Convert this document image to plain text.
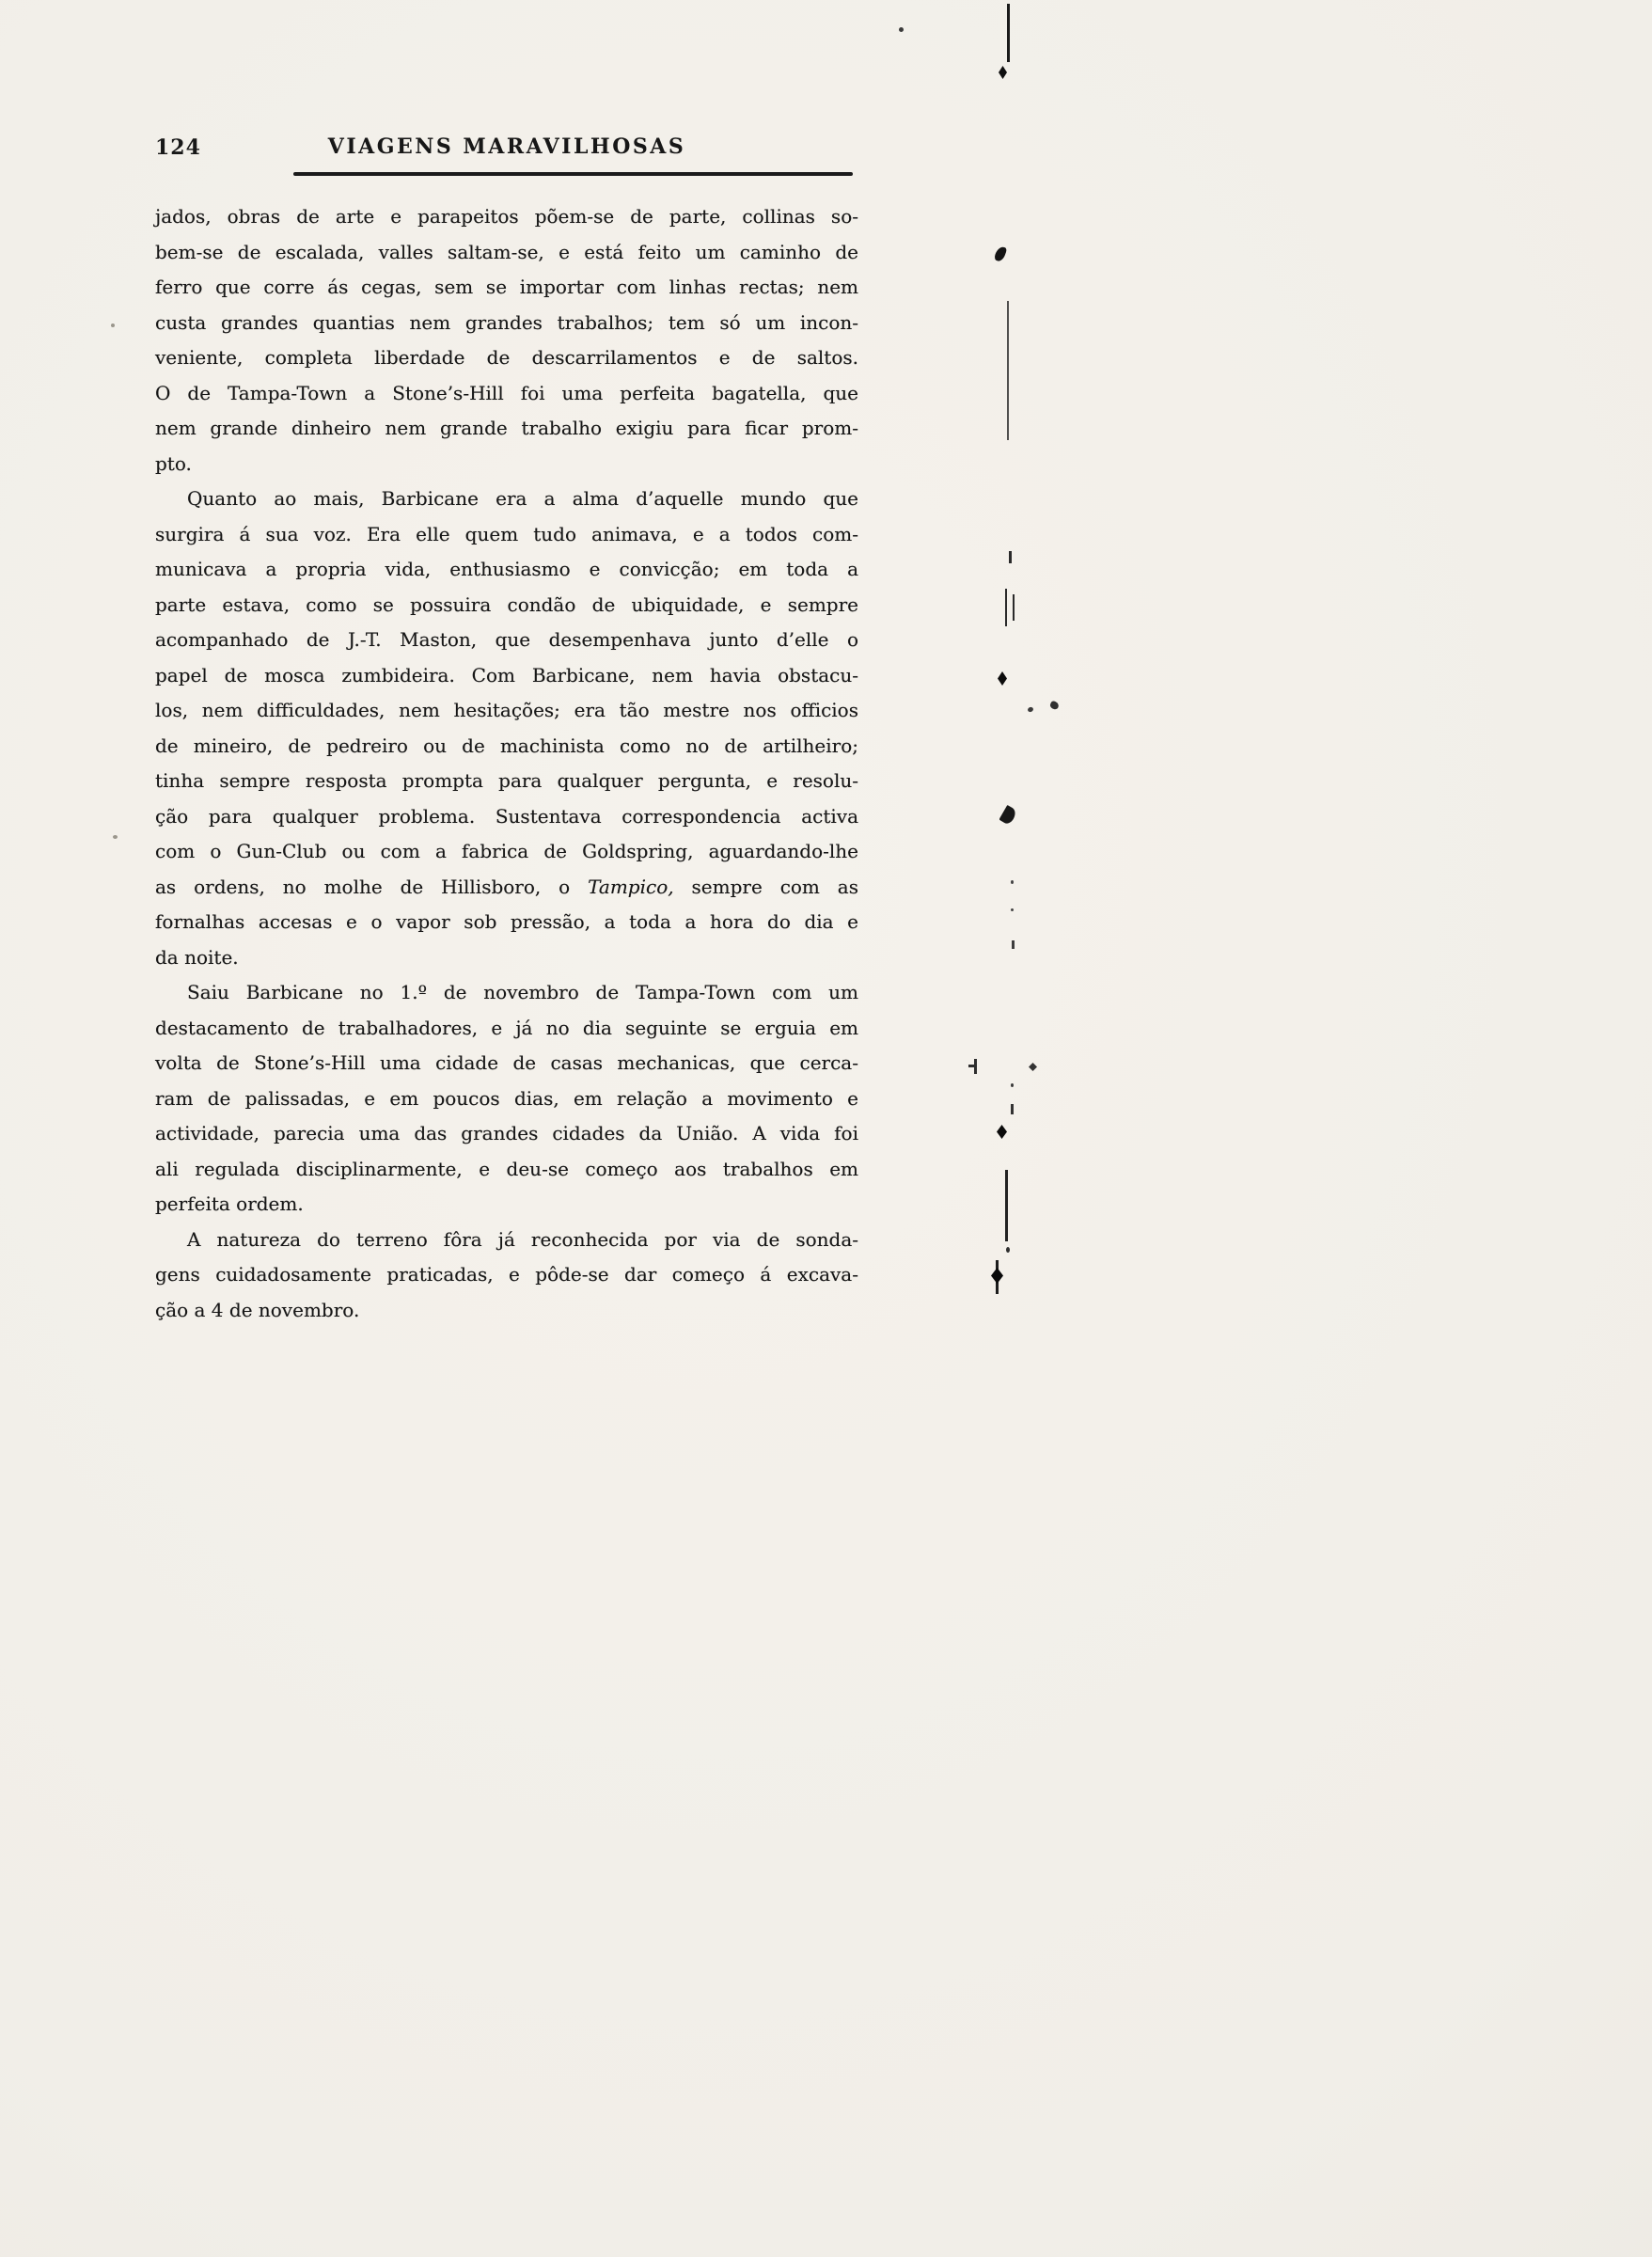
124	VIAGENS MARAVILHOSAS
jados, obras de arte e parapeitos põem-se de parte, collinas so-
bem-se de escalada, valles saltam-se, e está feito um caminho de
ferro que corre ás cegas, sem se importar com linhas rectas; nem
custa grandes quantias nem grandes trabalhos; tem só um incon-
veniente, completa liberdade de descarrilamentos e de saltos.
O de Tampa-Town a Stone’s-Hill foi uma perfeita bagatella, que
nem grande dinheiro nem grande trabalho exigiu para ficar prom-
pto.
Quanto ao mais, Barbicane era a alma d’aquelle mundo que
surgira á sua voz. Era elle quem tudo animava, e a todos com-
municava a propria vida, enthusiasmo e convicção; em toda a
parte estava, como se possuira condão de ubiquidade, e sempre
acompanhado de J.-T. Maston, que desempenhava junto d’elle o
papel de mosca zumbideira. Com Barbicane, nem havia obstacu-
los, nem difficuldades, nem hesitações; era tão mestre nos officios
de mineiro, de pedreiro ou de machinista como no de artilheiro;
tinha sempre resposta prompta para qualquer pergunta, e resolu-
ção para qualquer problema. Sustentava correspondencia activa
com o Gun-Club ou com a fabrica de Goldspring, aguardando-lhe
as ordens, no molhe de Hillisboro, o Tampico, sempre com as
fornalhas accesas e o vapor sob pressão, a toda a hora do dia e
da noite.
Saiu Barbicane no 1.º de novembro de Tampa-Town com um
destacamento de trabalhadores, e já no dia seguinte se erguia em
volta de Stone’s-Hill uma cidade de casas mechanicas, que cerca-
ram de palissadas, e em poucos dias, em relação a movimento e
actividade, parecia uma das grandes cidades da União. A vida foi
ali regulada disciplinarmente, e deu-se começo aos trabalhos em
perfeita ordem.
A natureza do terreno fôra já reconhecida por via de sonda-
gens cuidadosamente praticadas, e pôde-se dar começo á excava-
ção a 4 de novembro.
